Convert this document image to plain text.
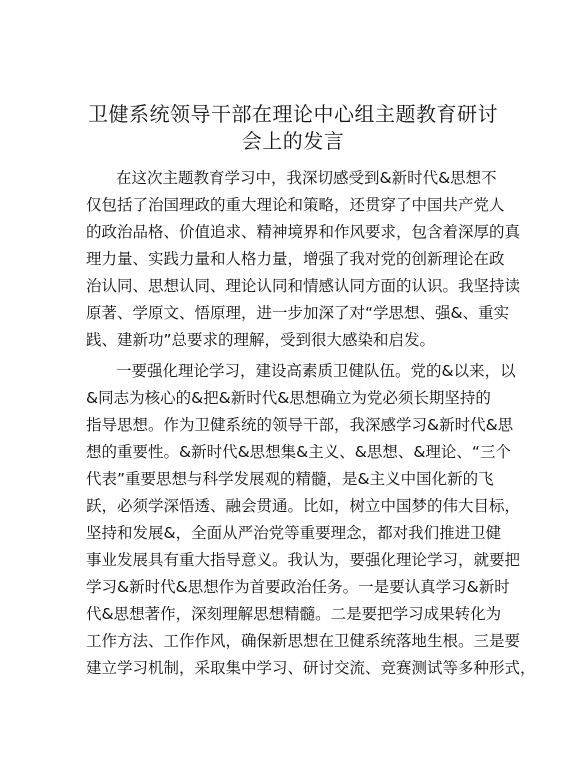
卫健系统领导干部在理论中心组主题教育研讨
会上的发言
在这次主题教育学习中，我深切感受到&新时代&思想不
仅包括了治国理政的重大理论和策略，还贯穿了中国共产党人
的政治品格、价值追求、精神境界和作风要求，包含着深厚的真
理力量、实践力量和人格力量，增强了我对党的创新理论在政
治认同、思想认同、理论认同和情感认同方面的认识。我坚持读
原著、学原文、悟原理，进一步加深了对“学思想、强&、重实
践、建新功”总要求的理解，受到很大感染和启发。
一要强化理论学习，建设高素质卫健队伍。党的&以来，以
&同志为核心的&把&新时代&思想确立为党必须长期坚持的
指导思想。作为卫健系统的领导干部，我深感学习&新时代&思
想的重要性。&新时代&思想集&主义、&思想、&理论、“三个
代表”重要思想与科学发展观的精髓，是&主义中国化新的飞
跃，必须学深悟透、融会贯通。比如，树立中国梦的伟大目标，
坚持和发展&，全面从严治党等重要理念，都对我们推进卫健
事业发展具有重大指导意义。我认为，要强化理论学习，就要把
学习&新时代&思想作为首要政治任务。一是要认真学习&新时
代&思想著作，深刻理解思想精髓。二是要把学习成果转化为
工作方法、工作作风，确保新思想在卫健系统落地生根。三是要
建立学习机制，采取集中学习、研讨交流、竞赛测试等多种形式，
